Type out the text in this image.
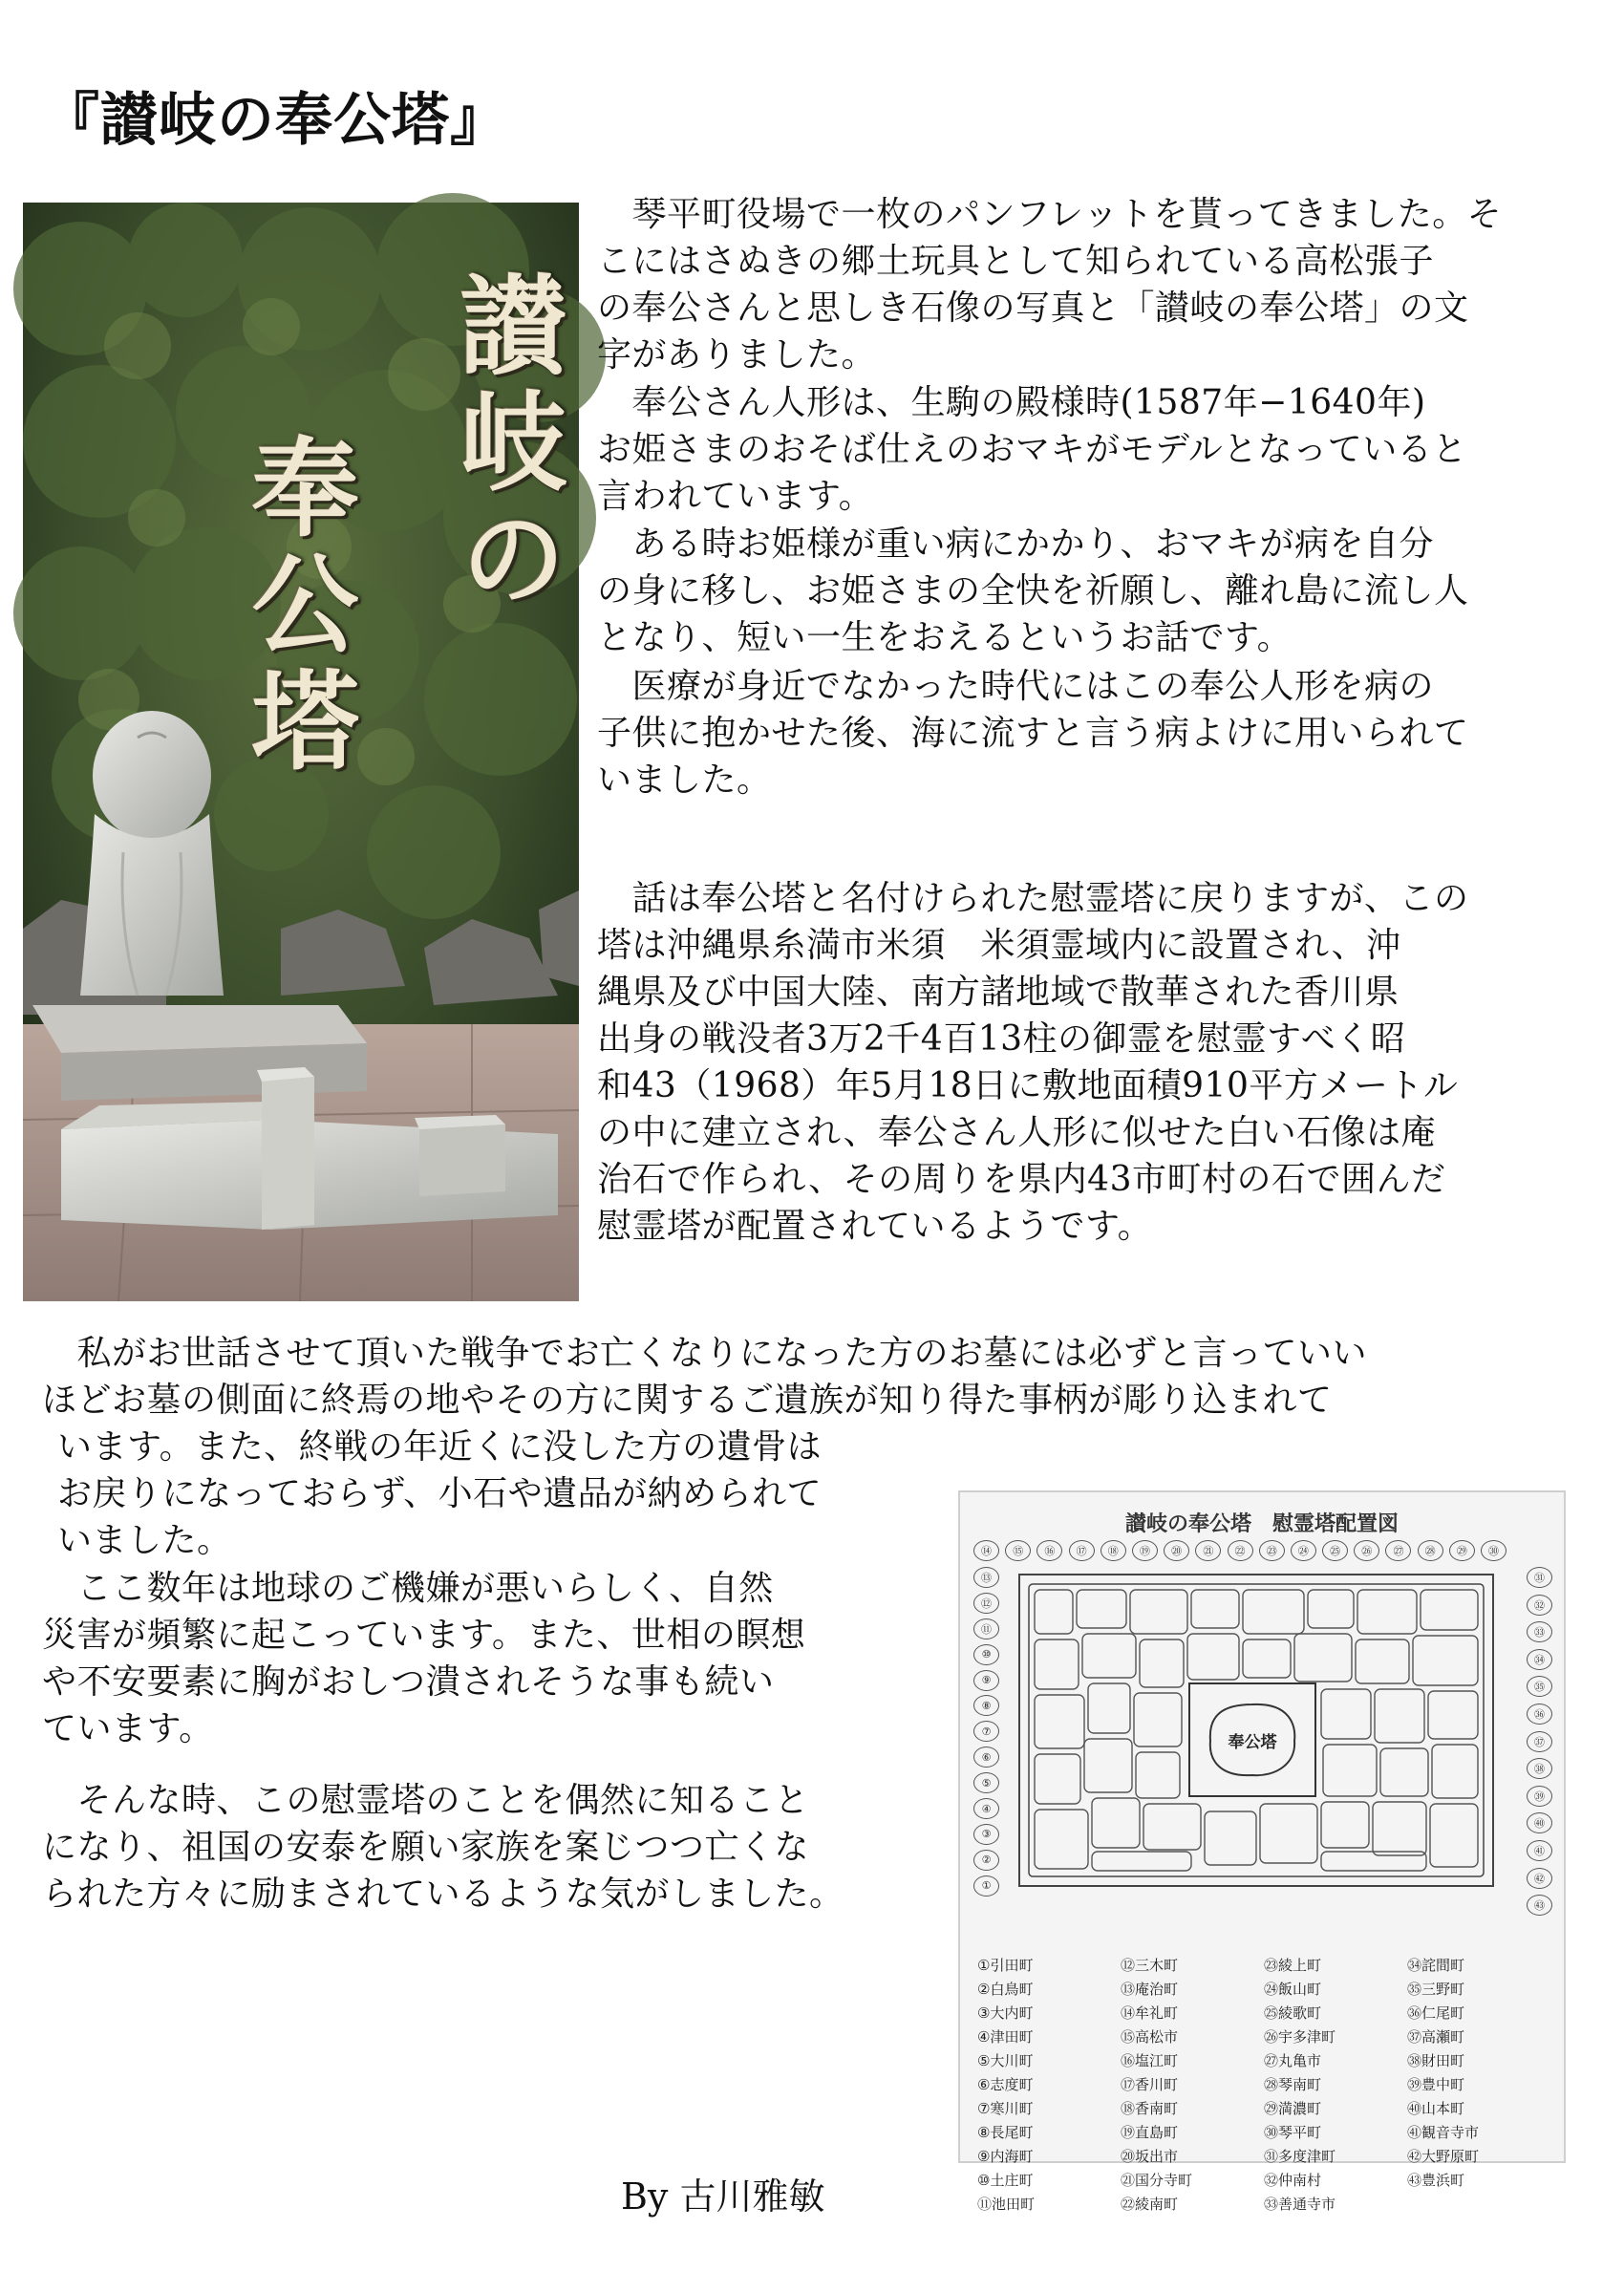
『讃岐の奉公塔』
讃岐の
奉公塔
　琴平町役場で一枚のパンフレットを貰ってきました。そ
こにはさぬきの郷土玩具として知られている高松張子
の奉公さんと思しき石像の写真と「讃岐の奉公塔」の文
字がありました。
　奉公さん人形は、生駒の殿様時(1587年−1640年)
お姫さまのおそば仕えのおマキがモデルとなっていると
言われています。
　ある時お姫様が重い病にかかり、おマキが病を自分
の身に移し、お姫さまの全快を祈願し、離れ島に流し人
となり、短い一生をおえるというお話です。
　医療が身近でなかった時代にはこの奉公人形を病の
子供に抱かせた後、海に流すと言う病よけに用いられて
いました。
　話は奉公塔と名付けられた慰霊塔に戻りますが、この
塔は沖縄県糸満市米須　米須霊域内に設置され、沖
縄県及び中国大陸、南方諸地域で散華された香川県
出身の戦没者3万2千4百13柱の御霊を慰霊すべく昭
和43（1968）年5月18日に敷地面積910平方メートル
の中に建立され、奉公さん人形に似せた白い石像は庵
治石で作られ、その周りを県内43市町村の石で囲んだ
慰霊塔が配置されているようです。
　私がお世話させて頂いた戦争でお亡くなりになった方のお墓には必ずと言っていい
ほどお墓の側面に終焉の地やその方に関するご遺族が知り得た事柄が彫り込まれて
います。また、終戦の年近くに没した方の遺骨は
お戻りになっておらず、小石や遺品が納められて
いました。
　ここ数年は地球のご機嫌が悪いらしく、自然
災害が頻繁に起こっています。また、世相の瞑想
や不安要素に胸がおしつ潰されそうな事も続い
ています。
　そんな時、この慰霊塔のことを偶然に知ること
になり、祖国の安泰を願い家族を案じつつ亡くな
られた方々に励まされているような気がしました。
讃岐の奉公塔　慰霊塔配置図
⑭	⑮	⑯	⑰	⑱	⑲	⑳	㉑	㉒	㉓	㉔	㉕	㉖	㉗	㉘	㉙	㉚
⑬
⑫
⑪
⑩
⑨
⑧
⑦
⑥
⑤
④
③
②
①
㉛
㉜
㉝
㉞
㉟
㊱
㊲
㊳
㊴
㊵
㊶
㊷
㊸
奉公塔
①引田町	⑫三木町	㉓綾上町	㉞詫間町
②白鳥町	⑬庵治町	㉔飯山町	㉟三野町
③大内町	⑭牟礼町	㉕綾歌町	㊱仁尾町
④津田町	⑮高松市	㉖宇多津町	㊲高瀬町
⑤大川町	⑯塩江町	㉗丸亀市	㊳財田町
⑥志度町	⑰香川町	㉘琴南町	㊴豊中町
⑦寒川町	⑱香南町	㉙満濃町	㊵山本町
⑧長尾町	⑲直島町	㉚琴平町	㊶観音寺市
⑨内海町	⑳坂出市	㉛多度津町	㊷大野原町
⑩土庄町	㉑国分寺町	㉜仲南村	㊸豊浜町
⑪池田町	㉒綾南町	㉝善通寺市
By 古川雅敏
